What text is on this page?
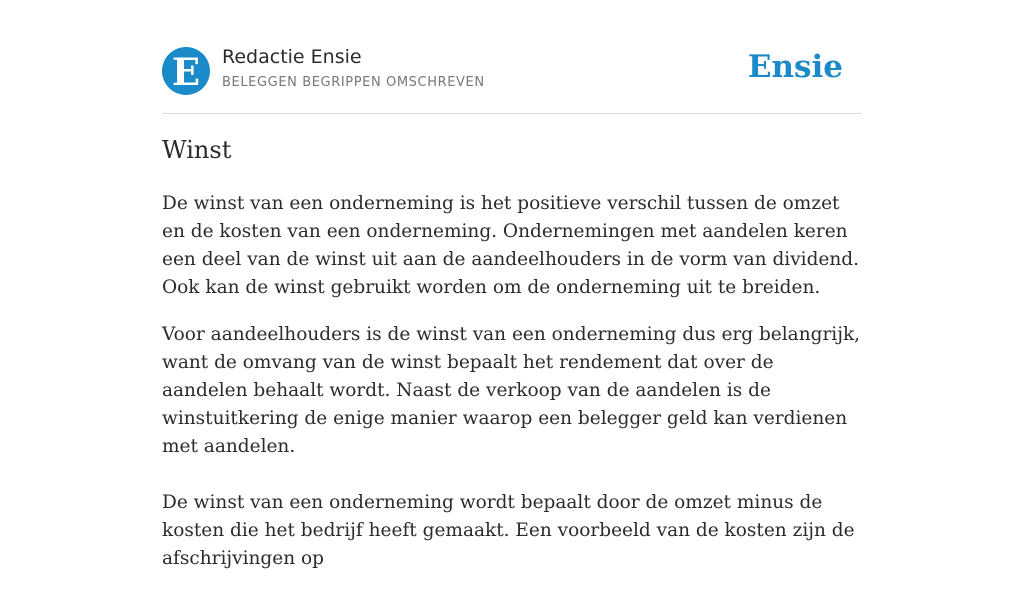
E Redactie Ensie
BELEGGEN BEGRIPPEN OMSCHREVEN	Ensie
Winst

De winst van een onderneming is het positieve verschil tussen de omzet en de kosten van een onderneming. Ondernemingen met aandelen keren een deel van de winst uit aan de aandeelhouders in de vorm van dividend. Ook kan de winst gebruikt worden om de onderneming uit te breiden.

Voor aandeelhouders is de winst van een onderneming dus erg belangrijk, want de omvang van de winst bepaalt het rendement dat over de aandelen behaalt wordt. Naast de verkoop van de aandelen is de winstuitkering de enige manier waarop een belegger geld kan verdienen met aandelen.

De winst van een onderneming wordt bepaalt door de omzet minus de kosten die het bedrijf heeft gemaakt. Een voorbeeld van de kosten zijn de afschrijvingen op
